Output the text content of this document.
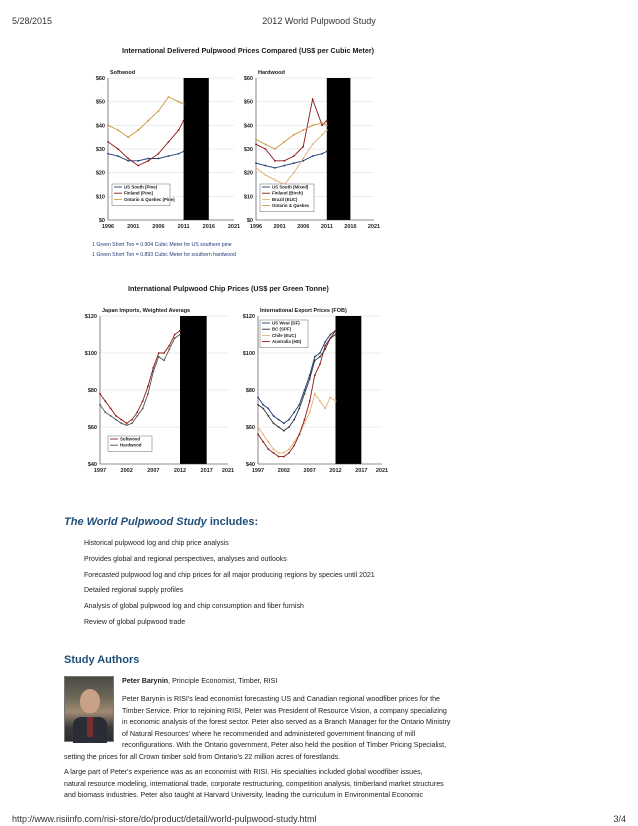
5/28/2015	2012 World Pulpwood Study
International Delivered Pulpwood Prices Compared (US$ per Cubic Meter)
Softwood
$0
$10
$20
$30
$40
$50
$60
1996 2001 2006 2011 2016 2021
US South (Pine)
Finland (Pine)
Ontario & Quebec (Pine)
Hardwood
$0
$10
$20
$30
$40
$50
$60
1996 2001 2006 2011 2016 2021
US South (Mixed)
Finland (Birch)
Brazil (EUC)
Ontario & Quebec
1 Green Short Ton = 0.904 Cubic Meter for US southern pine
1 Green Short Ton = 0.893 Cubic Meter for southern hardwood
International Pulpwood Chip Prices (US$ per Green Tonne)
Japan Imports, Weighted Average
$40
$60
$80
$100
$120
1997	2002	2007	2012	2017 2021
Softwood
Hardwood
International Export Prices (FOB)
$40
$60
$80
$100
$120
1997 2002 2007 2012 2017 2021
US West (DF)
BC (SPF)
Chile (EUC)
Australia (HD)
The World Pulpwood Study includes:
Historical pulpwood log and chip price analysis
Provides global and regional perspectives, analyses and outlooks
Forecasted pulpwood log and chip prices for all major producing regions by species until 2021
Detailed regional supply profiles
Analysis of global pulpwood log and chip consumption and fiber furnish
Review of global pulpwood trade
Study Authors
Peter Barynin, Principle Economist, Timber, RISI
Peter Barynin is RISI's lead economist forecasting US and Canadian regional woodfiber prices for the
Timber Service. Prior to rejoining RISI, Peter was President of Resource Vision, a company specializing
in economic analysis of the forest sector. Peter also served as a Branch Manager for the Ontario Ministry
of Natural Resources' where he recommended and administered government financing of mill
reconfigurations. With the Ontario government, Peter also held the position of Timber Pricing Specialist,
setting the prices for all Crown timber sold from Ontario's 22 million acres of forestlands.
A large part of Peter's experience was as an economist with RISI. His specialties included global woodfiber issues,
natural resource modeling, international trade, corporate restructuring, competition analysis, timberland market structures
and biomass industries. Peter also taught at Harvard University, leading the curriculum in Environmental Economic
http://www.risiinfo.com/risi-store/do/product/detail/world-pulpwood-study.html	3/4
